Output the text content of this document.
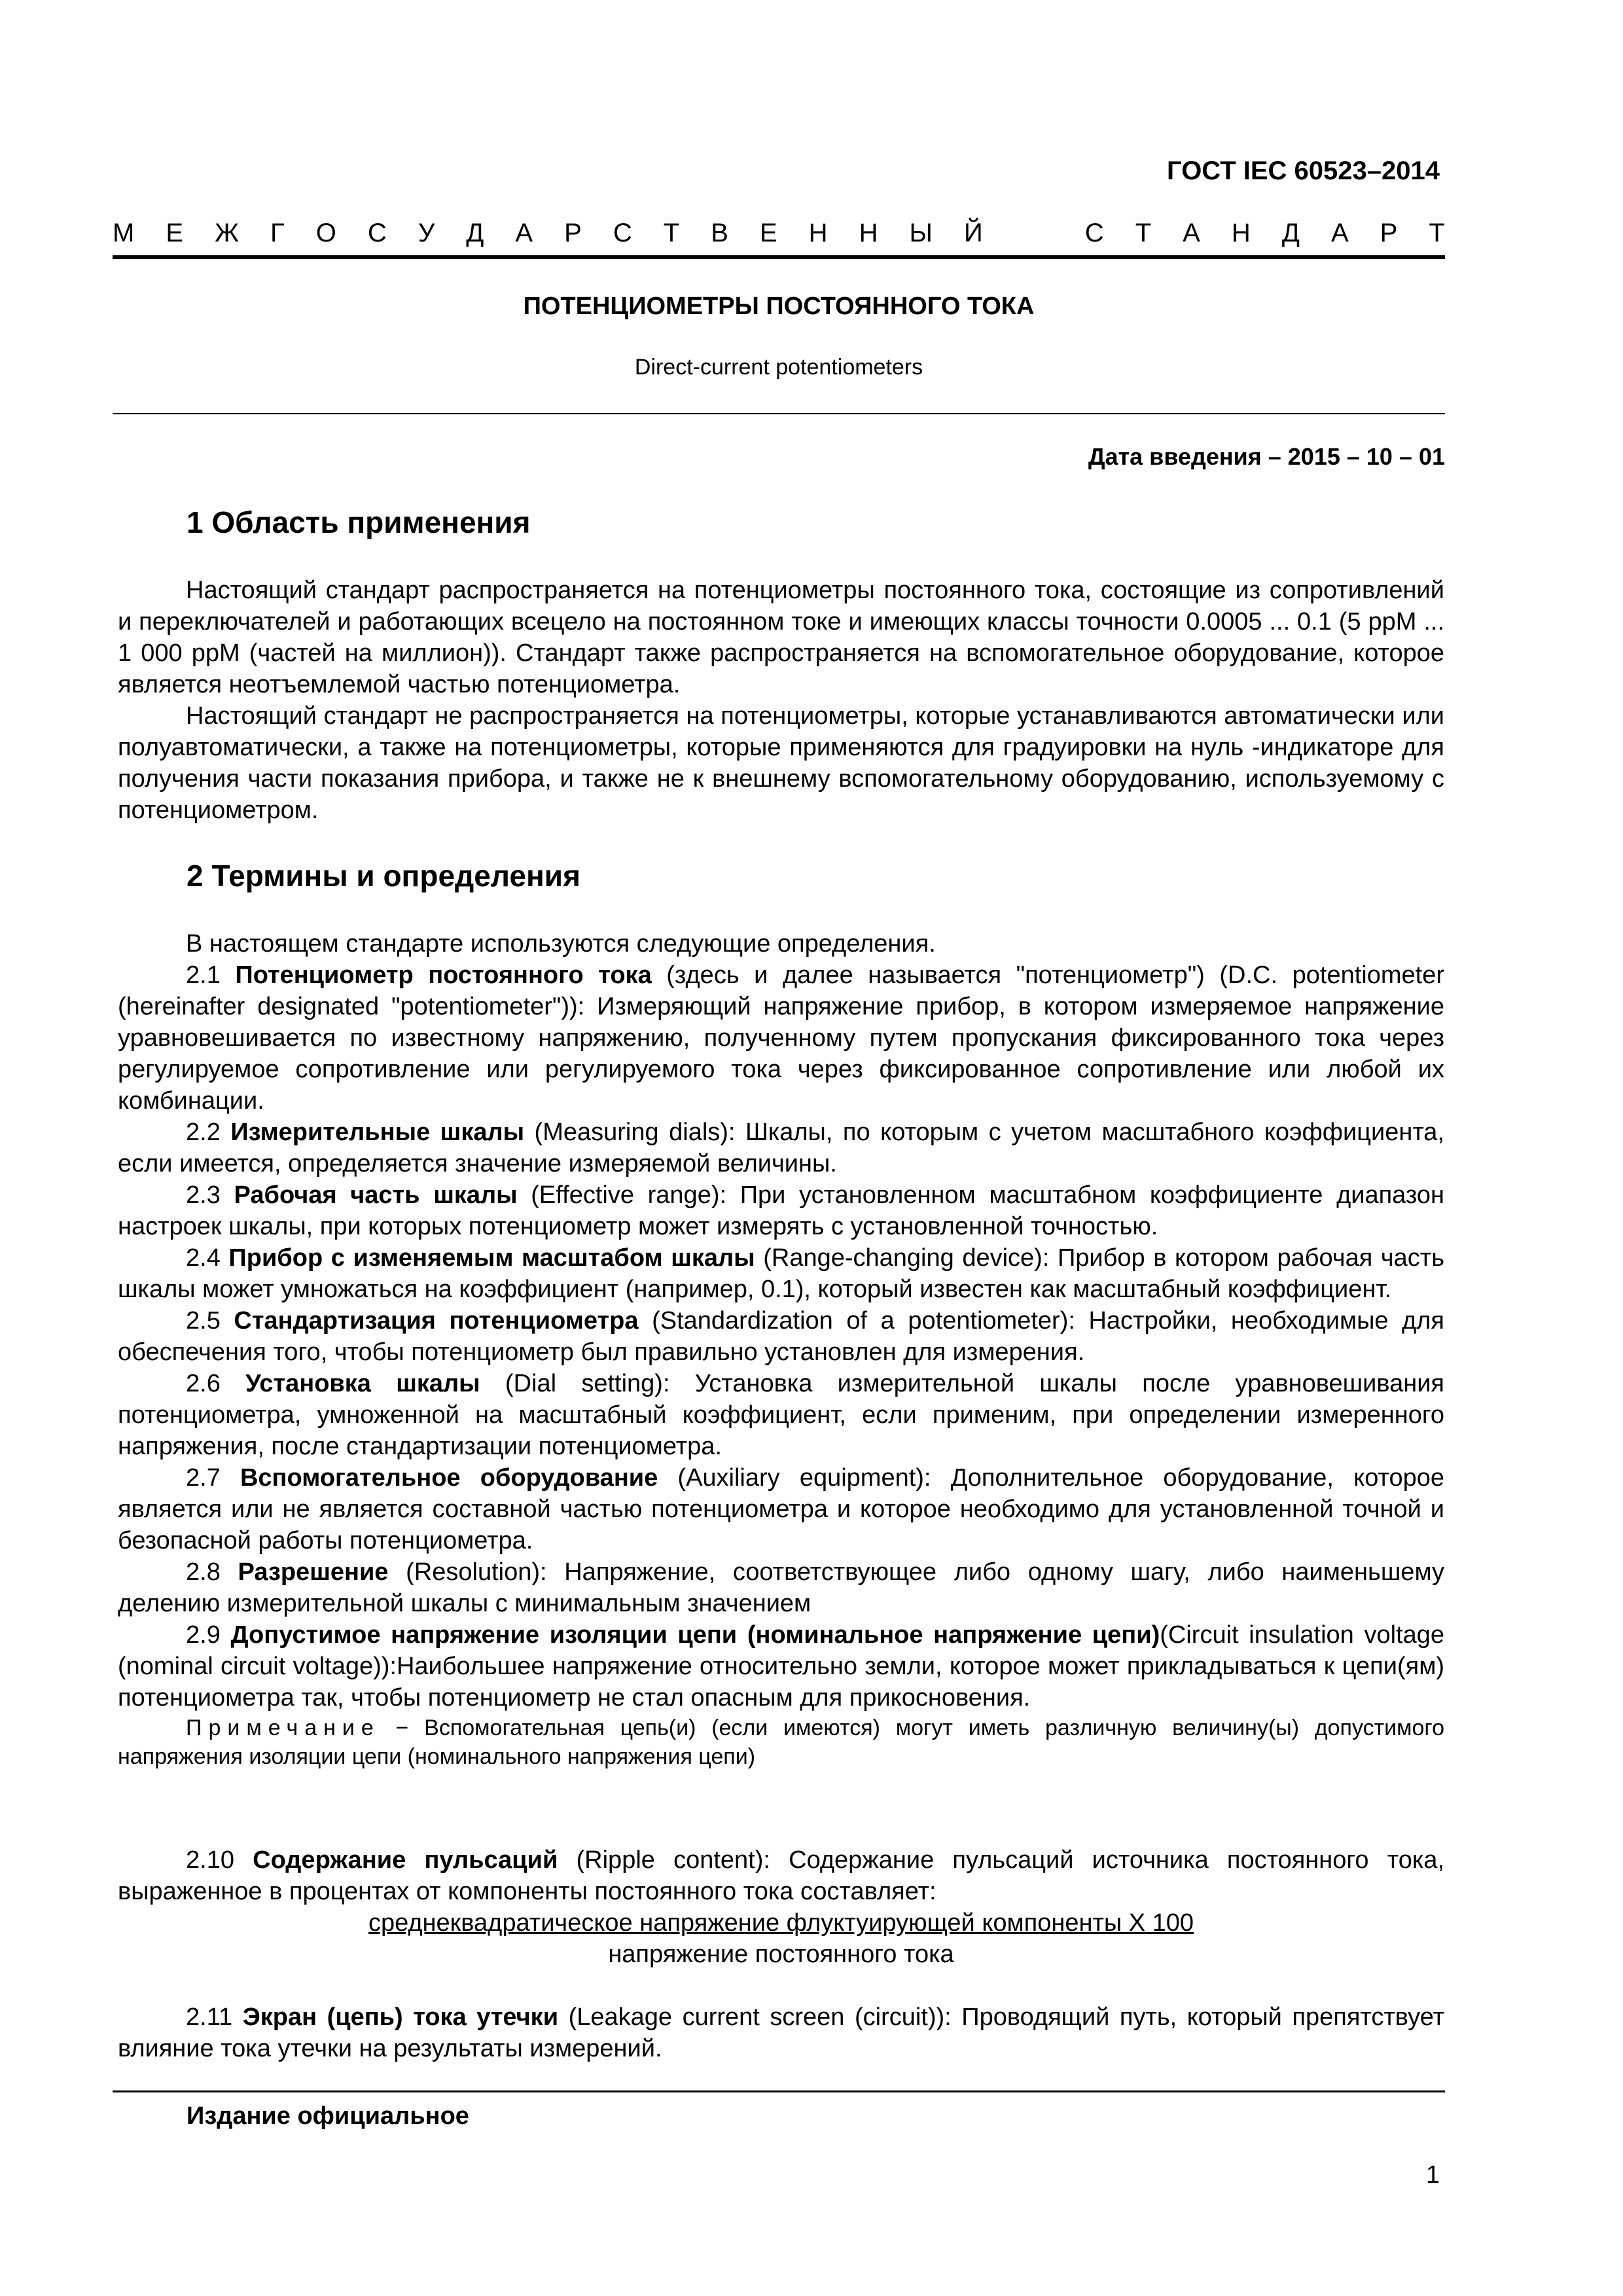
ГОСТ IEC 60523–2014
М Е Ж Г О С У Д А Р С Т В Е Н Н Ы Й	С Т А Н Д А Р Т
ПОТЕНЦИОМЕТРЫ ПОСТОЯННОГО ТОКА
Direct-current potentiometers
Дата введения – 2015 – 10 – 01
1 Область применения

Настоящий стандарт распространяется на потенциометры постоянного тока, состоящие из сопротивлений и переключателей и работающих всецело на постоянном токе и имеющих классы точности 0.0005 ... 0.1 (5 ppM ... 1 000 ppM (частей на миллион)). Стандарт также распространяется на вспомогательное оборудование, которое является неотъемлемой частью потенциометра.

Настоящий стандарт не распространяется на потенциометры, которые устанавливаются автоматически или полуавтоматически, а также на потенциометры, которые применяются для градуировки на нуль -индикаторе для получения части показания прибора, и также не к внешнему вспомогательному оборудованию, используемому с потенциометром.

2 Термины и определения

В настоящем стандарте используются следующие определения.

2.1 Потенциометр постоянного тока (здесь и далее называется "потенциометр") (D.C. potentiometer (hereinafter designated "potentiometer")): Измеряющий напряжение прибор, в котором измеряемое напряжение уравновешивается по известному напряжению, полученному путем пропускания фиксированного тока через регулируемое сопротивление или регулируемого тока через фиксированное сопротивление или любой их комбинации.

2.2 Измерительные шкалы (Measuring dials): Шкалы, по которым с учетом масштабного коэффициента, если имеется, определяется значение измеряемой величины.

2.3 Рабочая часть шкалы (Effective range): При установленном масштабном коэффициенте диапазон настроек шкалы, при которых потенциометр может измерять с установленной точностью.

2.4 Прибор с изменяемым масштабом шкалы (Range-changing device): Прибор в котором рабочая часть шкалы может умножаться на коэффициент (например, 0.1), который известен как масштабный коэффициент.

2.5 Стандартизация потенциометра (Standardization of a potentiometer): Настройки, необходимые для обеспечения того, чтобы потенциометр был правильно установлен для измерения.

2.6 Установка шкалы (Dial setting): Установка измерительной шкалы после уравновешивания потенциометра, умноженной на масштабный коэффициент, если применим, при определении измеренного напряжения, после стандартизации потенциометра.

2.7 Вспомогательное оборудование (Auxiliary equipment): Дополнительное оборудование, которое является или не является составной частью потенциометра и которое необходимо для установленной точной и безопасной работы потенциометра.

2.8 Разрешение (Resolution): Напряжение, соответствующее либо одному шагу, либо наименьшему делению измерительной шкалы с минимальным значением

2.9 Допустимое напряжение изоляции цепи (номинальное напряжение цепи)(Circuit insulation voltage (nominal circuit voltage)):Наибольшее напряжение относительно земли, которое может прикладываться к цепи(ям) потенциометра так, чтобы потенциометр не стал опасным для прикосновения.

Примечание − Вспомогательная цепь(и) (если имеются) могут иметь различную величину(ы) допустимого напряжения изоляции цепи (номинального напряжения цепи)

2.10 Содержание пульсаций (Ripple content): Содержание пульсаций источника постоянного тока, выраженное в процентах от компоненты постоянного тока составляет:

среднеквадратическое напряжение флуктуирующей компоненты Х 100
напряжение постоянного тока

2.11 Экран (цепь) тока утечки (Leakage current screen (circuit)): Проводящий путь, который препятствует влияние тока утечки на результаты измерений.

Издание официальное
1
